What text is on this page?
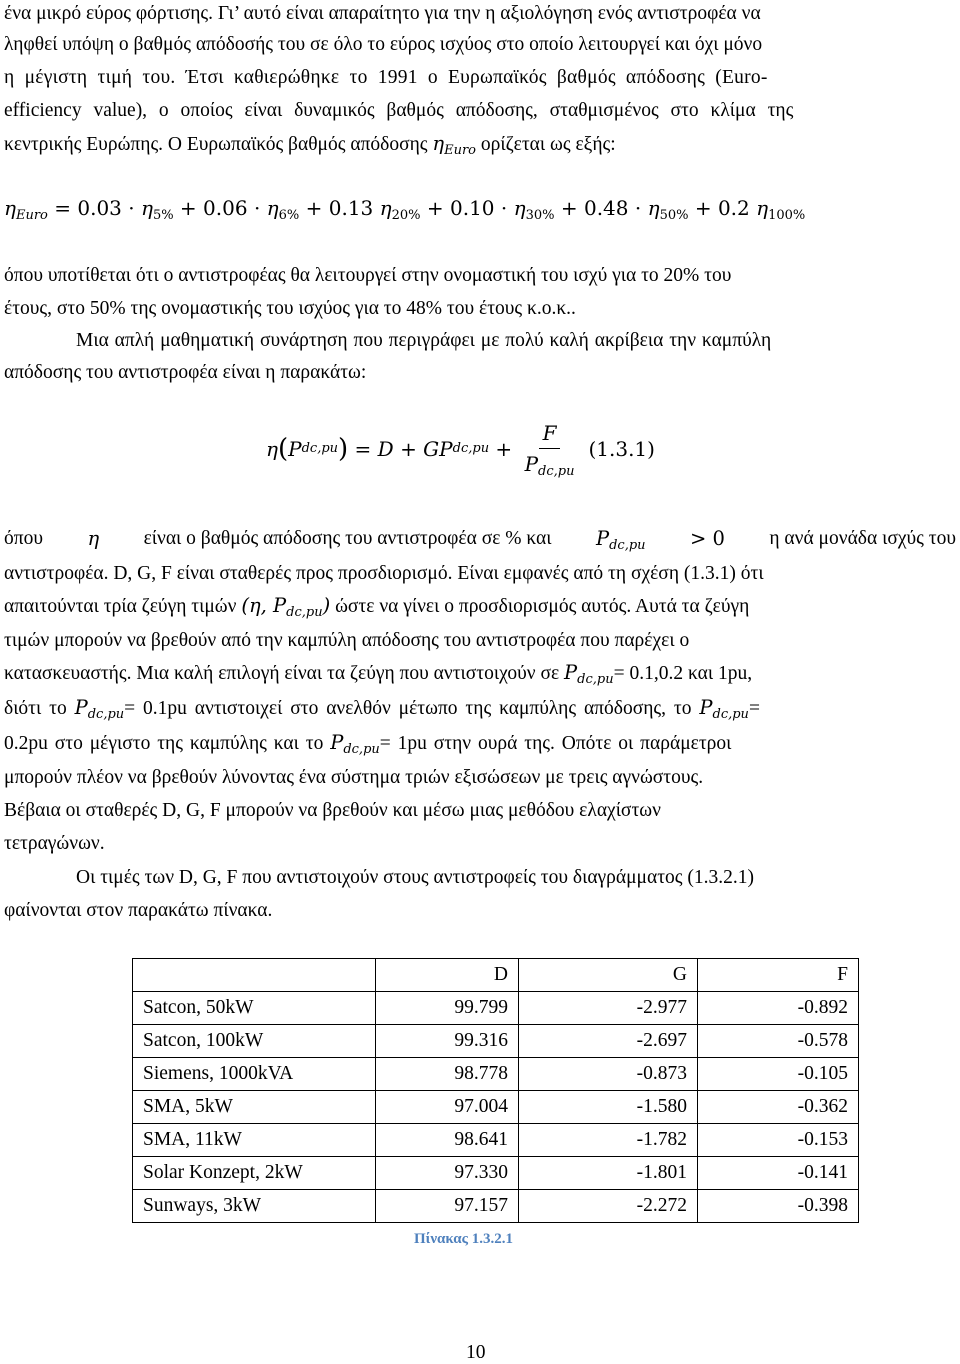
ένα μικρό εύρος φόρτισης. Γι’ αυτό είναι απαραίτητο για την η αξιολόγηση ενός αντιστροφέα να
ληφθεί υπόψη ο βαθμός απόδοσής του σε όλο το εύρος ισχύος στο οποίο λειτουργεί και όχι μόνο
η μέγιστη τιμή του. Έτσι καθιερώθηκε το 1991 ο Ευρωπαϊκός βαθμός απόδοσης (Euro-
efficiency value), ο οποίος είναι δυναμικός βαθμός απόδοσης, σταθμισμένος στο κλίμα της
κεντρικής Ευρώπης. Ο Ευρωπαϊκός βαθμός απόδοσης $\eta_{Euro}$ ορίζεται ως εξής:
$\eta_{Euro} = 0.03 \cdot \eta_{5\%} + 0.06 \cdot \eta_{6\%} + 0.13$ $\eta_{20\%} + 0.10 \cdot \eta_{30\%} + 0.48 \cdot \eta_{50\%} + 0.2$ $\eta_{100\%}$
όπου υποτίθεται ότι ο αντιστροφέας θα λειτουργεί στην ονομαστική του ισχύ για το 20% του
έτους, στο 50% της ονομαστικής του ισχύος για το 48% του έτους κ.ο.κ..
Μια απλή μαθηματική συνάρτηση που περιγράφει με πολύ καλή ακρίβεια την καμπύλη
απόδοσης του αντιστροφέα είναι η παρακάτω:
η ( P dc,pu ) = D + G P $dc,pu + \frac{F}{P_{dc,pu}} (1.3.1)$
όπου η είναι ο βαθμός απόδοσης του αντιστροφέα σε % και $P_{dc,pu} > 0$ η ανά μονάδα ισχύς του
αντιστροφέα. D, G, F είναι σταθερές προς προσδιορισμό. Είναι εμφανές από τη σχέση (1.3.1) ότι
απαιτούνται τρία ζεύγη τιμών (η, $P_{dc,pu}$) ώστε να γίνει ο προσδιορισμός αυτός. Αυτά τα ζεύγη
τιμών μπορούν να βρεθούν από την καμπύλη απόδοσης του αντιστροφέα που παρέχει ο
κατασκευαστής. Μια καλή επιλογή είναι τα ζεύγη που αντιστοιχούν σε $P_{dc,pu}= 0.1,0.2$ και 1pu,
διότι το $P_{dc,pu}= 0.1pu$ αντιστοιχεί στο ανελθόν μέτωπο της καμπύλης απόδοσης, το $P_{dc,pu}=$
0.2pu στο μέγιστο της καμπύλης και το $P_{dc,pu}= 1pu$ στην ουρά της. Οπότε οι παράμετροι
μπορούν πλέον να βρεθούν λύνοντας ένα σύστημα τριών εξισώσεων με τρεις αγνώστους.
Βέβαια οι σταθερές D, G, F μπορούν να βρεθούν και μέσω μιας μεθόδου ελαχίστων
τετραγώνων.
Οι τιμές των D, G, F που αντιστοιχούν στους αντιστροφείς του διαγράμματος (1.3.2.1)
φαίνονται στον παρακάτω πίνακα.
	D	G	F
Satcon, 50kW	99.799	-2.977	-0.892
Satcon, 100kW	99.316	-2.697	-0.578
Siemens, 1000kVA	98.778	-0.873	-0.105
SMA, 5kW	97.004	-1.580	-0.362
SMA, 11kW	98.641	-1.782	-0.153
Solar Konzept, 2kW	97.330	-1.801	-0.141
Sunways, 3kW	97.157	-2.272	-0.398
Πίνακας 1.3.2.1
10
